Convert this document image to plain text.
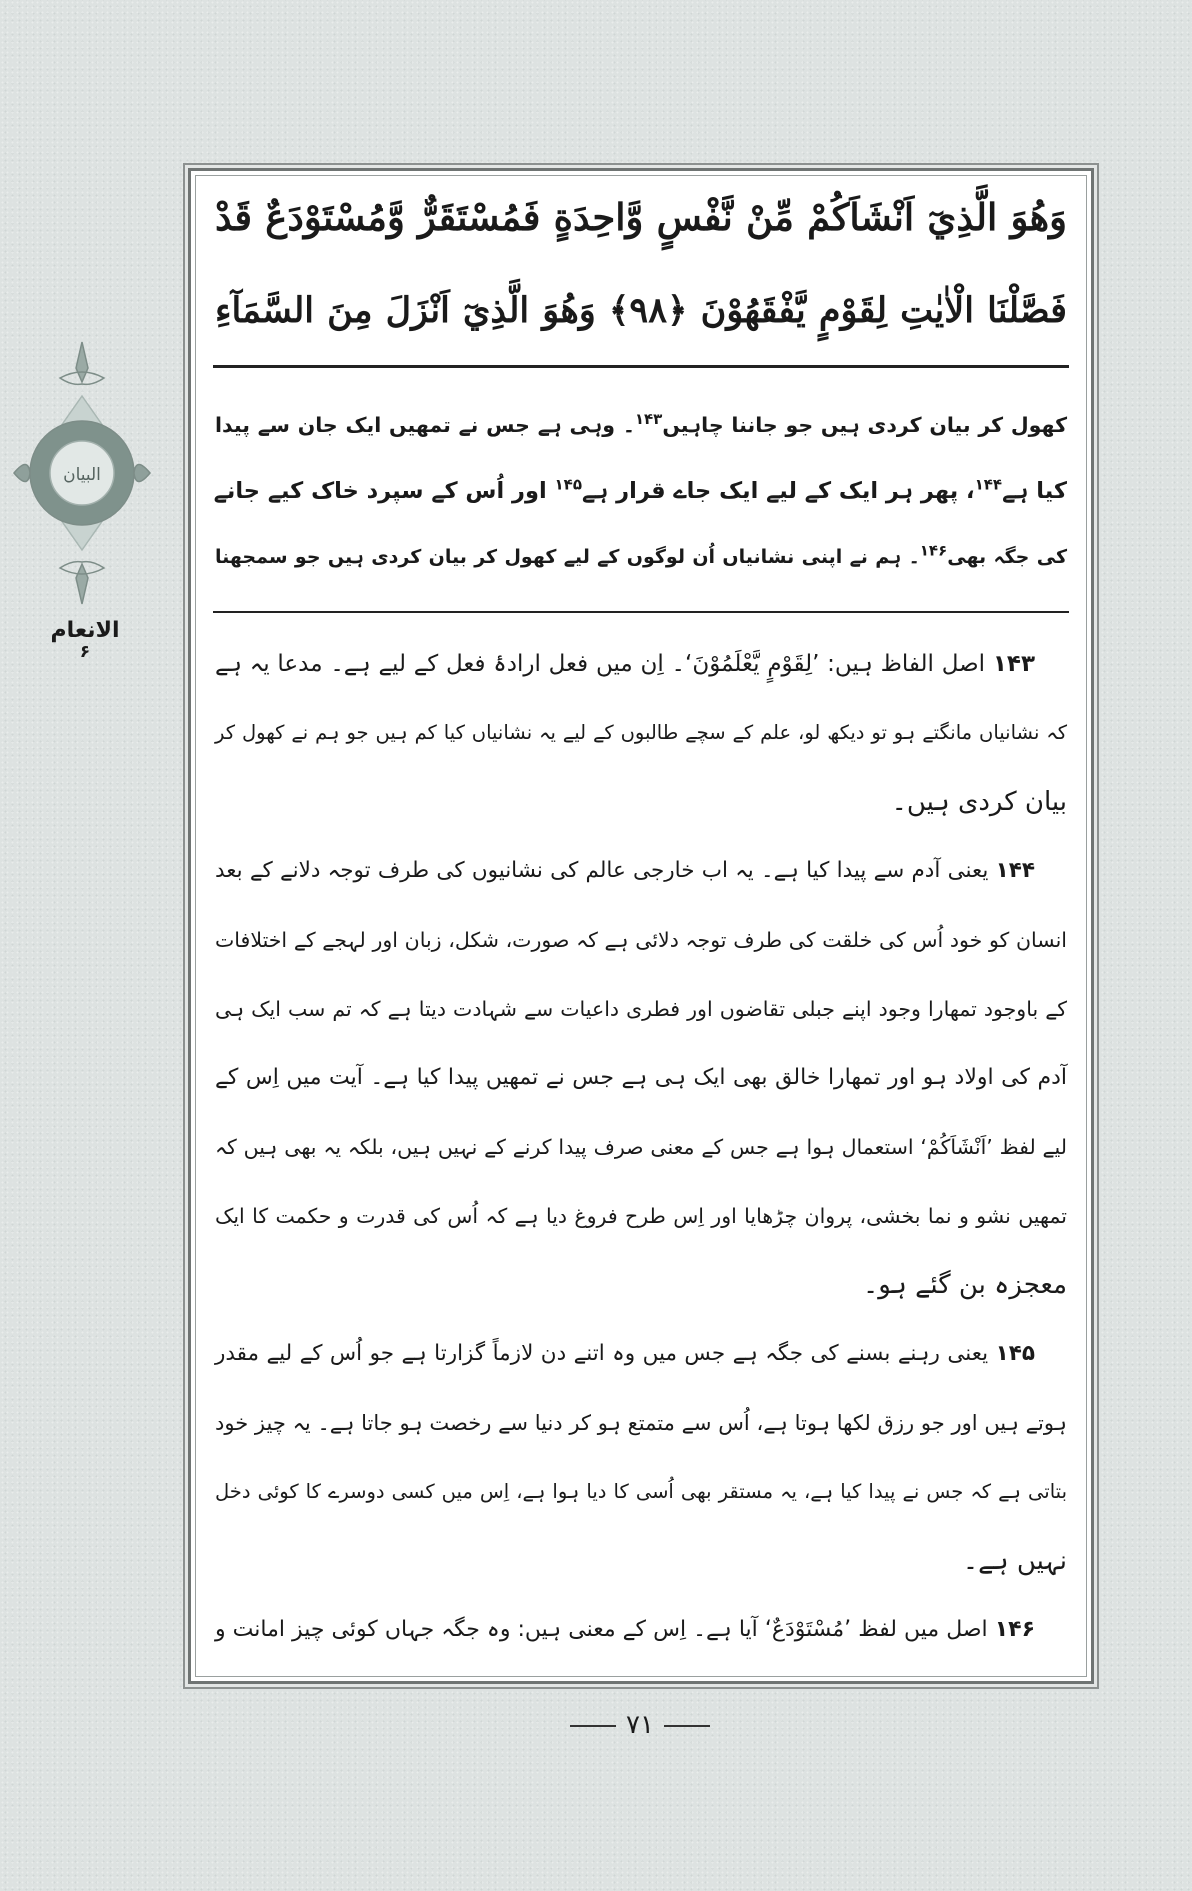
البیان
الانعام
۶
وَهُوَ الَّذِيٓ اَنْشَاَكُمْ مِّنْ نَّفْسٍ وَّاحِدَةٍ فَمُسْتَقَرٌّ وَّمُسْتَوْدَعٌ قَدْ
فَصَّلْنَا الْاٰيٰتِ لِقَوْمٍ يَّفْقَهُوْنَ ﴿۹۸﴾ وَهُوَ الَّذِيٓ اَنْزَلَ مِنَ السَّمَآءِ
کھول کر بیان کردی ہیں جو جاننا چاہیں$^{۱۴۳}$۔ وہی ہے جس نے تمھیں ایک جان سے پیدا
کیا ہے$^{۱۴۴}$، پھر ہر ایک کے لیے ایک جاے قرار ہے$^{۱۴۵}$ اور اُس کے سپرد خاک کیے جانے
کی جگہ بھی$^{۱۴۶}$۔ ہم نے اپنی نشانیاں اُن لوگوں کے لیے کھول کر بیان کردی ہیں جو سمجھنا
۱۴۳ اصل الفاظ ہیں: ’لِقَوْمٍ يَّعْلَمُوْنَ‘۔ اِن میں فعل ارادۂ فعل کے لیے ہے۔ مدعا یہ ہے
کہ نشانیاں مانگتے ہو تو دیکھ لو، علم کے سچے طالبوں کے لیے یہ نشانیاں کیا کم ہیں جو ہم نے کھول کر
بیان کردی ہیں۔
۱۴۴ یعنی آدم سے پیدا کیا ہے۔ یہ اب خارجی عالم کی نشانیوں کی طرف توجہ دلانے کے بعد
انسان کو خود اُس کی خلقت کی طرف توجہ دلائی ہے کہ صورت، شکل، زبان اور لہجے کے اختلافات
کے باوجود تمھارا وجود اپنے جبلی تقاضوں اور فطری داعیات سے شہادت دیتا ہے کہ تم سب ایک ہی
آدم کی اولاد ہو اور تمھارا خالق بھی ایک ہی ہے جس نے تمھیں پیدا کیا ہے۔ آیت میں اِس کے
لیے لفظ ’اَنْشَاَكُمْ‘ استعمال ہوا ہے جس کے معنی صرف پیدا کرنے کے نہیں ہیں، بلکہ یہ بھی ہیں کہ
تمھیں نشو و نما بخشی، پروان چڑھایا اور اِس طرح فروغ دیا ہے کہ اُس کی قدرت و حکمت کا ایک
معجزہ بن گئے ہو۔
۱۴۵ یعنی رہنے بسنے کی جگہ ہے جس میں وہ اتنے دن لازماً گزارتا ہے جو اُس کے لیے مقدر
ہوتے ہیں اور جو رزق لکھا ہوتا ہے، اُس سے متمتع ہو کر دنیا سے رخصت ہو جاتا ہے۔ یہ چیز خود
بتاتی ہے کہ جس نے پیدا کیا ہے، یہ مستقر بھی اُسی کا دیا ہوا ہے، اِس میں کسی دوسرے کا کوئی دخل
نہیں ہے۔
۱۴۶ اصل میں لفظ ’مُسْتَوْدَعٌ‘ آیا ہے۔ اِس کے معنی ہیں: وہ جگہ جہاں کوئی چیز امانت و
۷۱
